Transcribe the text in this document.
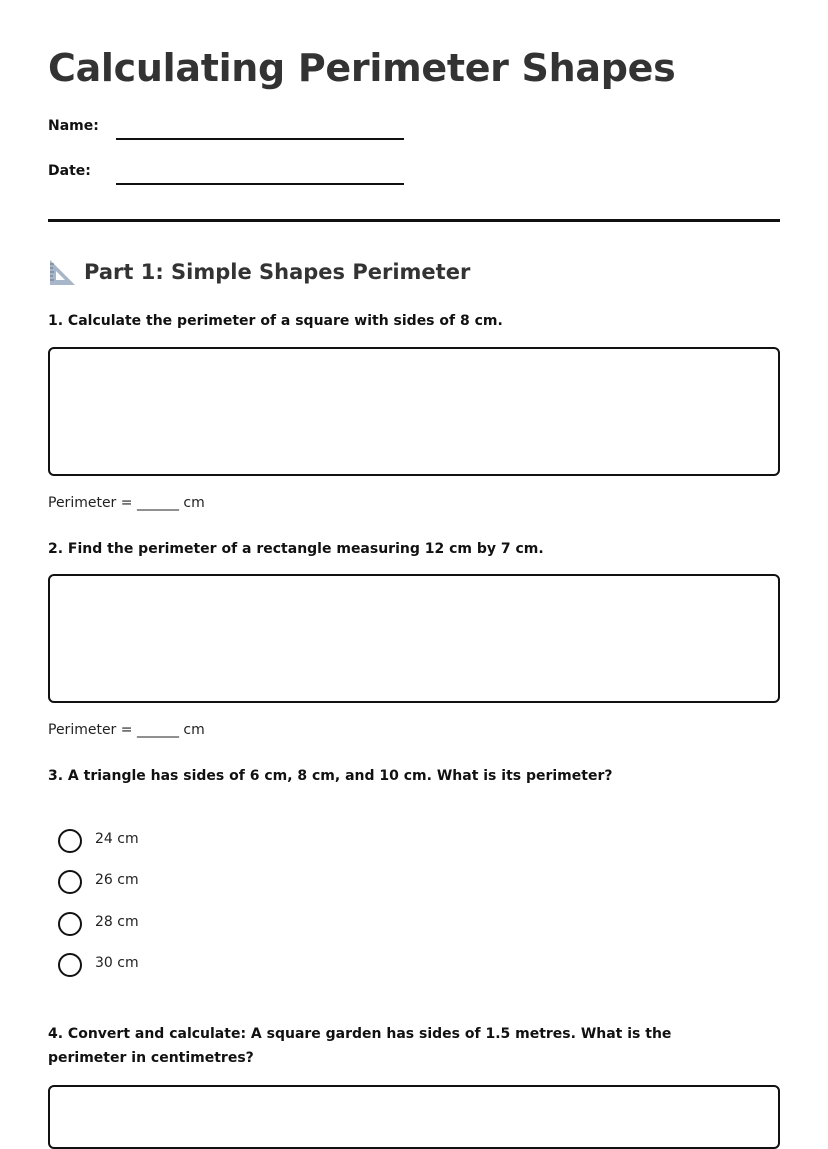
Calculating Perimeter Shapes
Name:
Date:
Part 1: Simple Shapes Perimeter

1. Calculate the perimeter of a square with sides of 8 cm.

Perimeter = ______ cm

2. Find the perimeter of a rectangle measuring 12 cm by 7 cm.

Perimeter = ______ cm

3. A triangle has sides of 6 cm, 8 cm, and 10 cm. What is its perimeter?

24 cm
26 cm
28 cm
30 cm

4. Convert and calculate: A square garden has sides of 1.5 metres. What is the perimeter in centimetres?
